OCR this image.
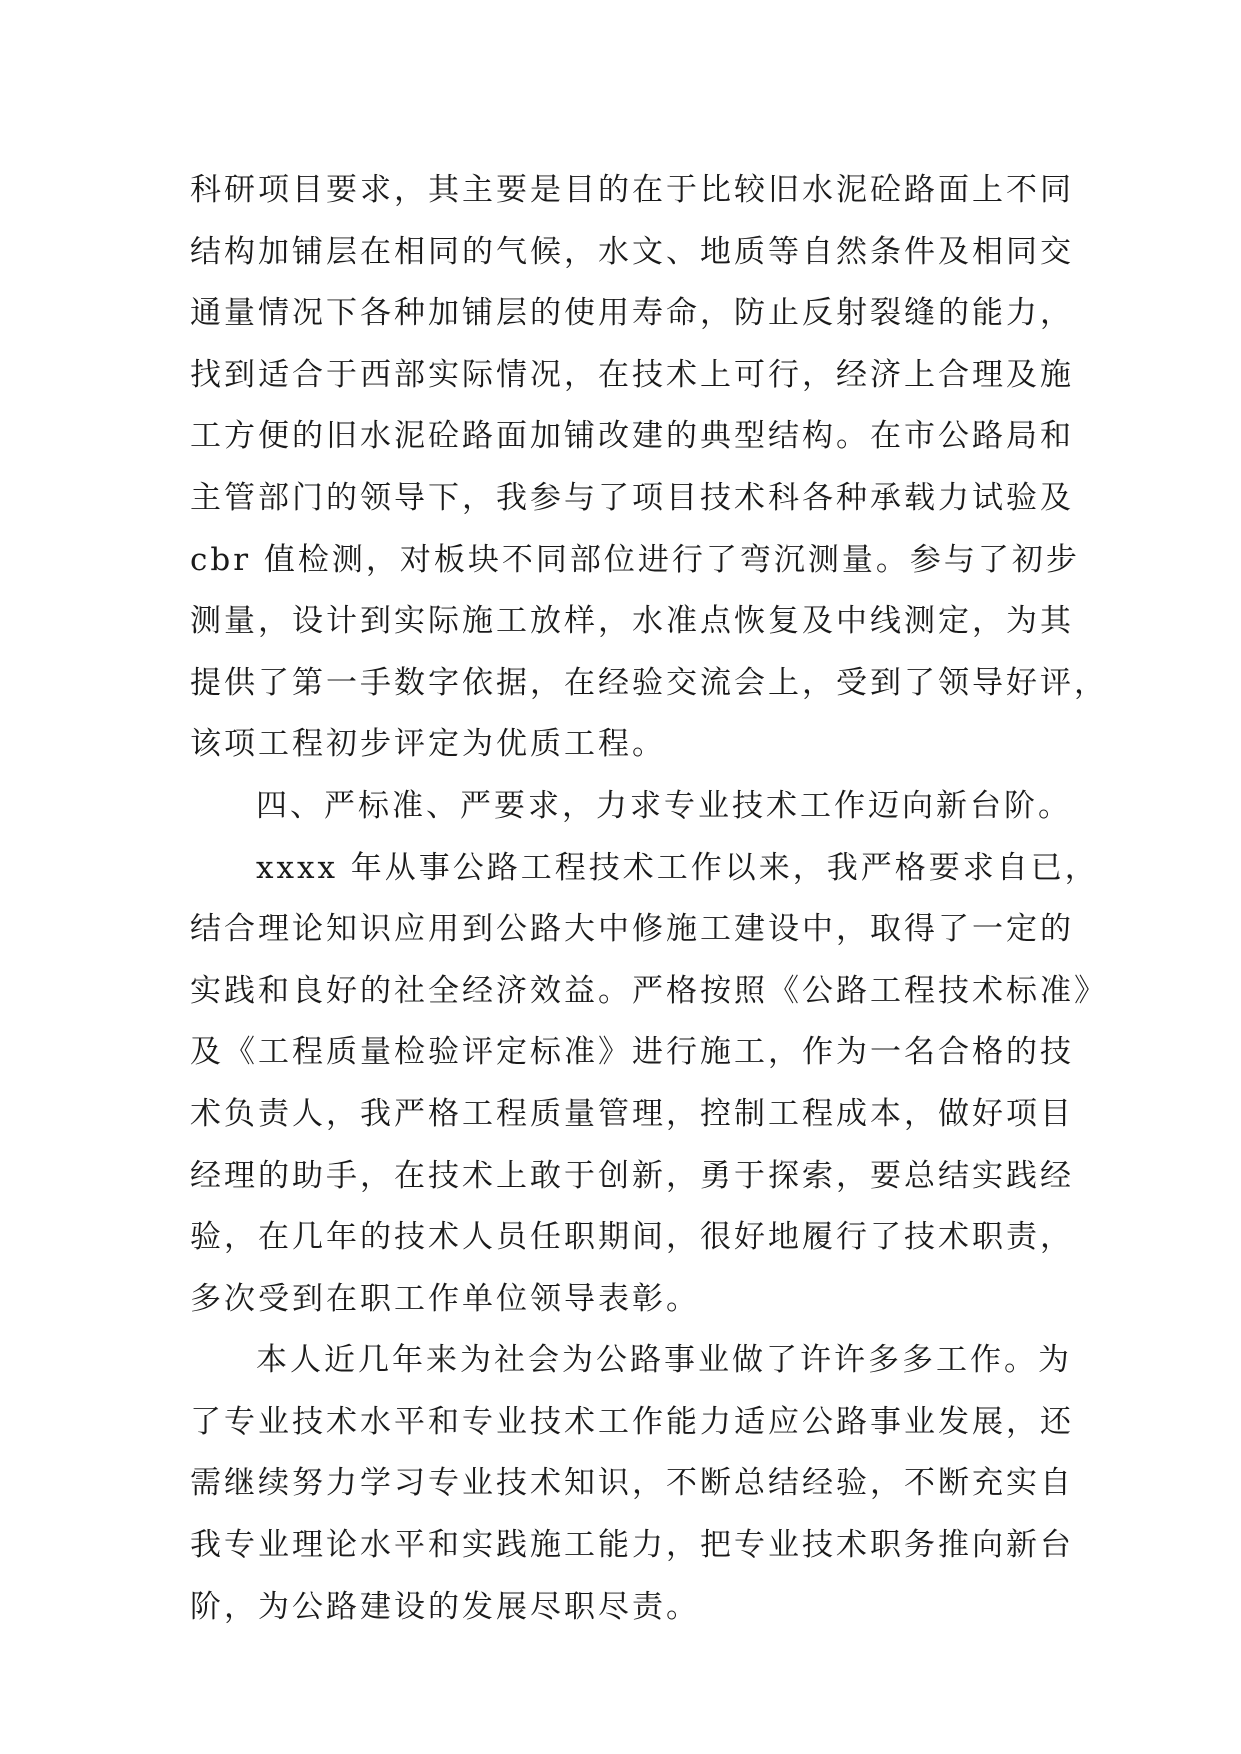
科研项目要求，其主要是目的在于比较旧水泥砼路面上不同
结构加铺层在相同的气候，水文、地质等自然条件及相同交
通量情况下各种加铺层的使用寿命，防止反射裂缝的能力，
找到适合于西部实际情况，在技术上可行，经济上合理及施
工方便的旧水泥砼路面加铺改建的典型结构。在市公路局和
主管部门的领导下，我参与了项目技术科各种承载力试验及
cbr 值检测，对板块不同部位进行了弯沉测量。参与了初步
测量，设计到实际施工放样，水准点恢复及中线测定，为其
提供了第一手数字依据，在经验交流会上，受到了领导好评，
该项工程初步评定为优质工程。
四、严标准、严要求，力求专业技术工作迈向新台阶。
xxxx 年从事公路工程技术工作以来，我严格要求自已，
结合理论知识应用到公路大中修施工建设中，取得了一定的
实践和良好的社全经济效益。严格按照《公路工程技术标准》
及《工程质量检验评定标准》进行施工，作为一名合格的技
术负责人，我严格工程质量管理，控制工程成本，做好项目
经理的助手，在技术上敢于创新，勇于探索，要总结实践经
验，在几年的技术人员任职期间，很好地履行了技术职责，
多次受到在职工作单位领导表彰。
本人近几年来为社会为公路事业做了许许多多工作。为
了专业技术水平和专业技术工作能力适应公路事业发展，还
需继续努力学习专业技术知识，不断总结经验，不断充实自
我专业理论水平和实践施工能力，把专业技术职务推向新台
阶，为公路建设的发展尽职尽责。
